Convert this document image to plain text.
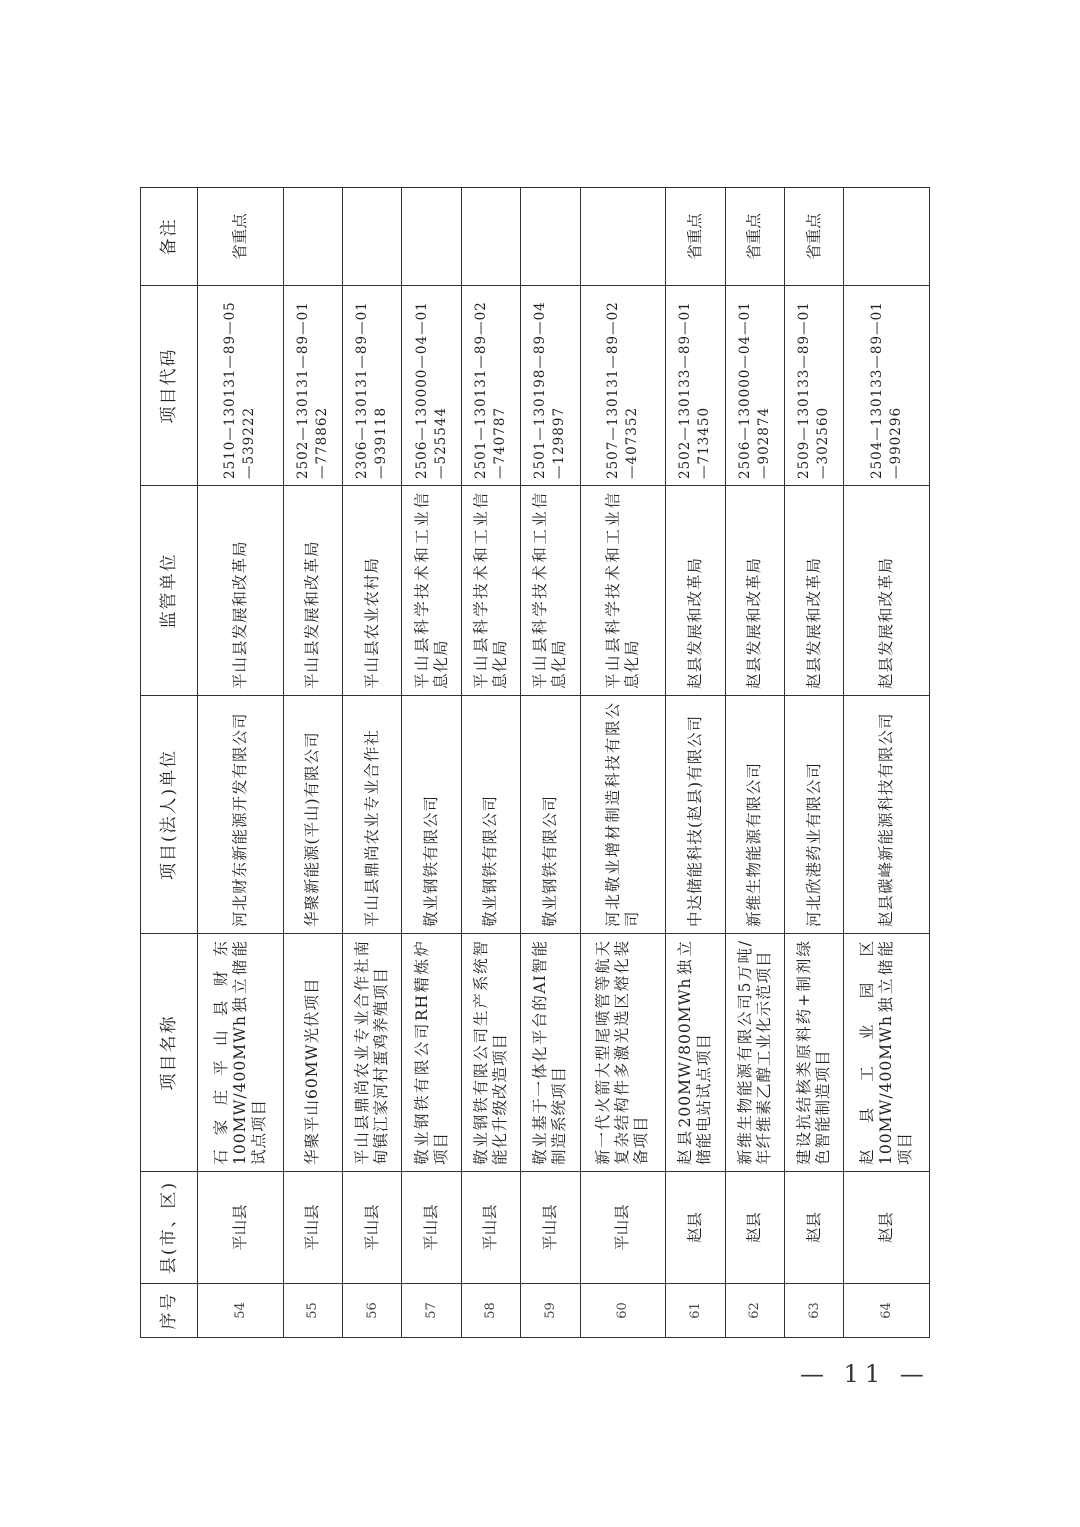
序号	县(市、区)	项目名称	项目(法人)单位	监管单位	项目代码	备注
54	平山县	石家庄平山县财东100MW/400MWh独立储能试点项目	河北财东新能源开发有限公司	平山县发展和改革局	2510—130131—89—05—539222	省重点
55	平山县	华聚平山60MW光伏项目	华聚新能源(平山)有限公司	平山县发展和改革局	2502—130131—89—01—778862	
56	平山县	平山县鼎尚农业专业合作社南甸镇江家河村蛋鸡养殖项目	平山县鼎尚农业专业合作社	平山县农业农村局	2306—130131—89—01—939118	
57	平山县	敬业钢铁有限公司RH精炼炉项目	敬业钢铁有限公司	平山县科学技术和工业信息化局	2506—130000—04—01—525544	
58	平山县	敬业钢铁有限公司生产系统智能化升级改造项目	敬业钢铁有限公司	平山县科学技术和工业信息化局	2501—130131—89—02—740787	
59	平山县	敬业基于一体化平台的AI智能制造系统项目	敬业钢铁有限公司	平山县科学技术和工业信息化局	2501—130198—89—04—129897	
60	平山县	新一代火箭大型尾喷管等航天复杂结构件多激光选区熔化装备项目	河北敬业增材制造科技有限公司	平山县科学技术和工业信息化局	2507—130131—89—02—407352	
61	赵县	赵县200MW/800MWh独立储能电站试点项目	中达储能科技(赵县)有限公司	赵县发展和改革局	2502—130133—89—01—713450	省重点
62	赵县	新维生物能源有限公司5万吨/年纤维素乙醇工业化示范项目	新维生物能源有限公司	赵县发展和改革局	2506—130000—04—01—902874	省重点
63	赵县	建设抗结核类原料药+制剂绿色智能制造项目	河北欣港药业有限公司	赵县发展和改革局	2509—130133—89—01—302560	省重点
64	赵县	赵县工业园区100MW/400MWh独立储能项目	赵县碳峰新能源科技有限公司	赵县发展和改革局	2504—130133—89—01—990296	
— 11 —
